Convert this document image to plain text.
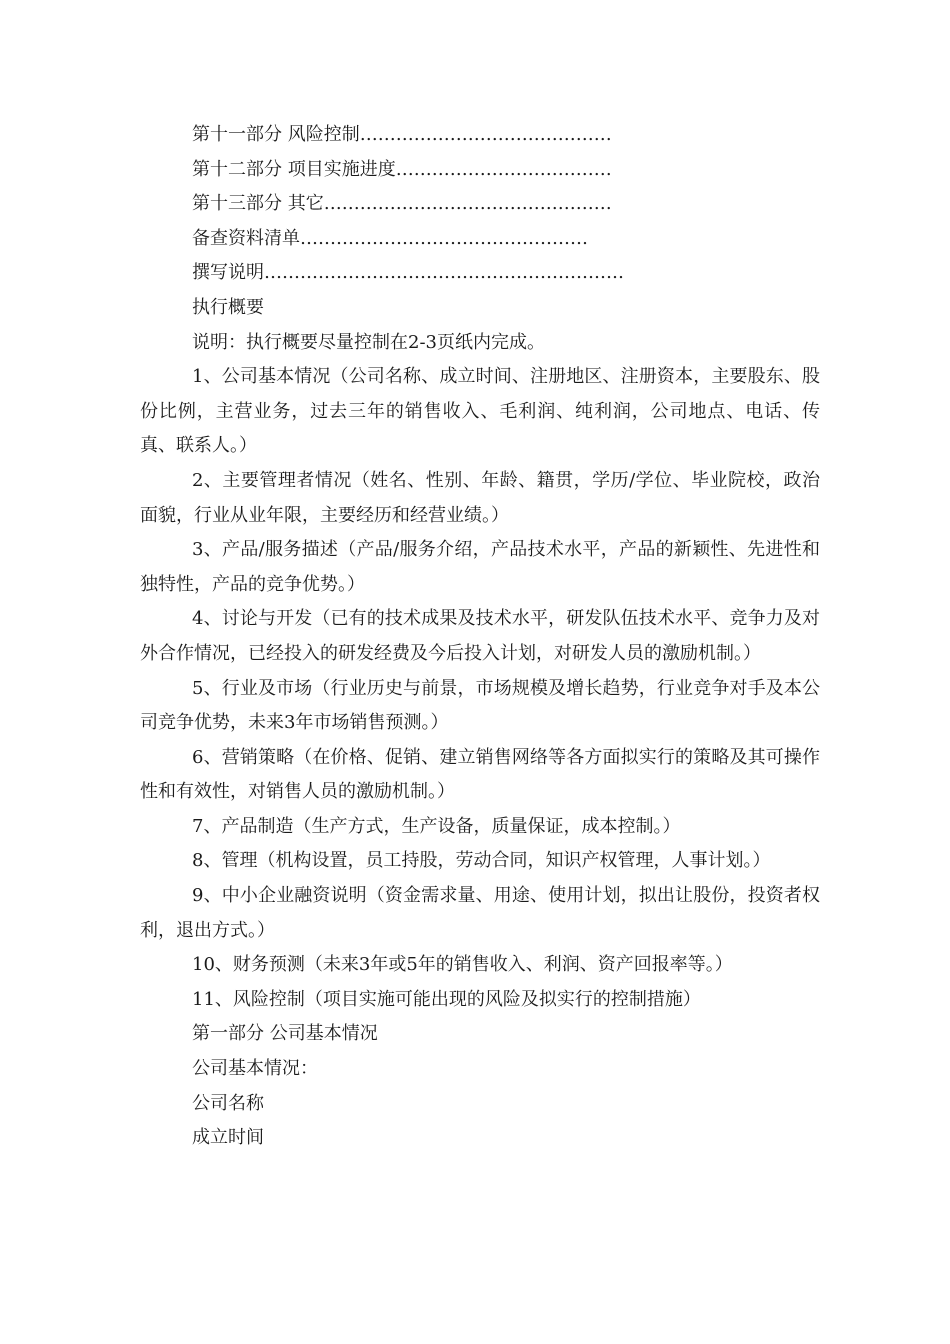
第十一部分 风险控制……………………………………

第十二部分 项目实施进度………………………………

第十三部分 其它…………………………………………

备查资料清单…………………………………………

撰写说明……………………………………………………

执行概要

说明：执行概要尽量控制在2-3页纸内完成。

1、公司基本情况（公司名称、成立时间、注册地区、注册资本，主要股东、股份比例，主营业务，过去三年的销售收入、毛利润、纯利润，公司地点、电话、传真、联系人。）

2、主要管理者情况（姓名、性别、年龄、籍贯，学历/学位、毕业院校，政治面貌，行业从业年限，主要经历和经营业绩。）

3、产品/服务描述（产品/服务介绍，产品技术水平，产品的新颖性、先进性和独特性，产品的竞争优势。）

4、讨论与开发（已有的技术成果及技术水平，研发队伍技术水平、竞争力及对外合作情况，已经投入的研发经费及今后投入计划，对研发人员的激励机制。）

5、行业及市场（行业历史与前景，市场规模及增长趋势，行业竞争对手及本公司竞争优势，未来3年市场销售预测。）

6、营销策略（在价格、促销、建立销售网络等各方面拟实行的策略及其可操作性和有效性，对销售人员的激励机制。）

7、产品制造（生产方式，生产设备，质量保证，成本控制。）

8、管理（机构设置，员工持股，劳动合同，知识产权管理，人事计划。）

9、中小企业融资说明（资金需求量、用途、使用计划，拟出让股份，投资者权利，退出方式。）

10、财务预测（未来3年或5年的销售收入、利润、资产回报率等。）

11、风险控制（项目实施可能出现的风险及拟实行的控制措施）

第一部分 公司基本情况

公司基本情况：

公司名称

成立时间
